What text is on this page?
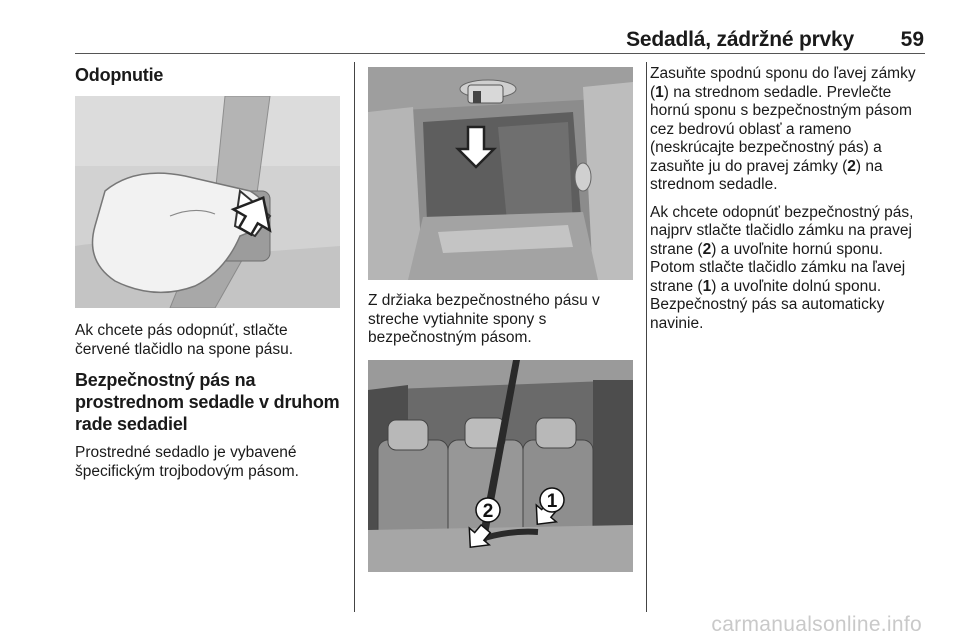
Sedadlá, zádržné prvky 59
Odopnutie

Ak chcete pás odopnúť, stlačte červené tlačidlo na spone pásu.

Bezpečnostný pás na prostrednom sedadle v druhom rade sedadiel

Prostredné sedadlo je vybavené špecifickým trojbodovým pásom.

Z držiaka bezpečnostného pásu v streche vytiahnite spony s bezpečnostným pásom.

2	1

Zasuňte spodnú sponu do ľavej zámky (1) na strednom sedadle. Prevlečte hornú sponu s bezpečnostným pásom cez bedrovú oblasť a rameno (neskrúcajte bezpečnostný pás) a zasuňte ju do pravej zámky (2) na strednom sedadle.

Ak chcete odopnúť bezpečnostný pás, najprv stlačte tlačidlo zámku na pravej strane (2) a uvoľnite hornú sponu. Potom stlačte tlačidlo zámku na ľavej strane (1) a uvoľnite dolnú sponu. Bezpečnostný pás sa automaticky navinie.

carmanualsonline.info
